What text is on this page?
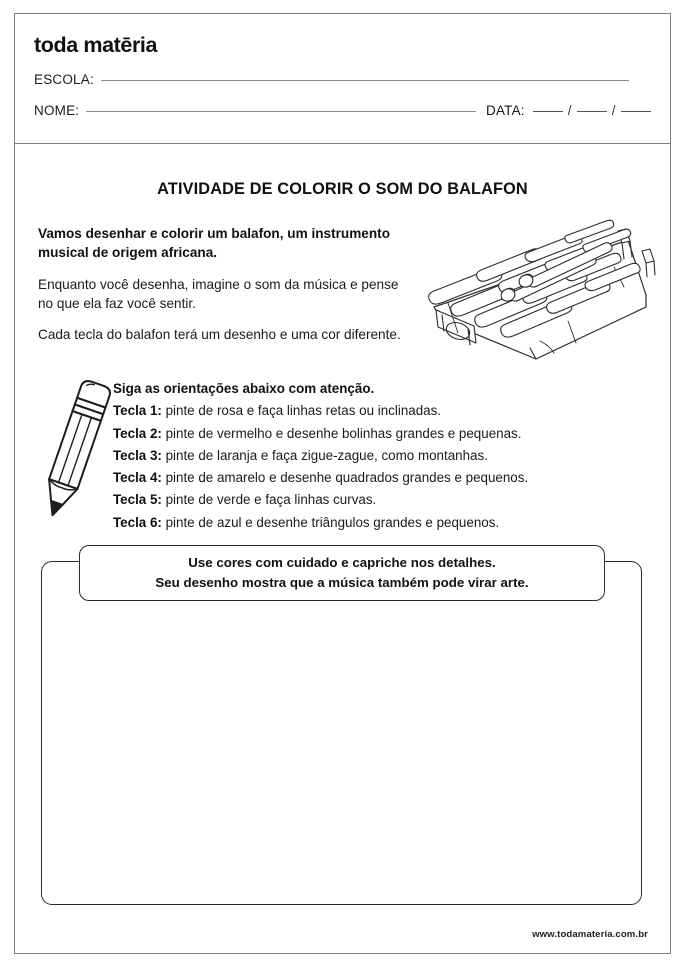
toda matēria
ESCOLA:
NOME:	DATA:	/	/
ATIVIDADE DE COLORIR O SOM DO BALAFON

Vamos desenhar e colorir um balafon, um instrumento musical de origem africana.

Enquanto você desenha, imagine o som da música e pense no que ela faz você sentir.

Cada tecla do balafon terá um desenho e uma cor diferente.

Siga as orientações abaixo com atenção.
Tecla 1: pinte de rosa e faça linhas retas ou inclinadas.
Tecla 2: pinte de vermelho e desenhe bolinhas grandes e pequenas.
Tecla 3: pinte de laranja e faça zigue-zague, como montanhas.
Tecla 4: pinte de amarelo e desenhe quadrados grandes e pequenos.
Tecla 5: pinte de verde e faça linhas curvas.
Tecla 6: pinte de azul e desenhe triângulos grandes e pequenos.
Use cores com cuidado e capriche nos detalhes.
Seu desenho mostra que a música também pode virar arte.
www.todamateria.com.br
